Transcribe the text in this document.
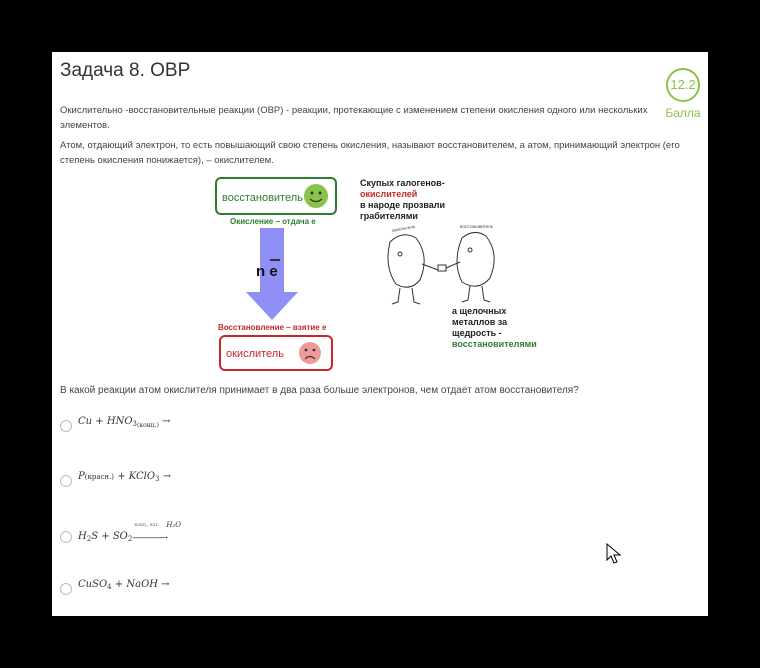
Задача 8. ОВР
12.2
Балла
Окислительно -восстановительные реакции (ОВР) - реакции, протекающие с изменением степени окисления одного или нескольких элементов.
Атом, отдающий электрон, то есть повышающий свою степень окисления, называют восстановителем, а атом, принимающий электрон (его степень окисления понижается), – окислителем.
восстановитель
Окисление – отдача е
n e
Восстановление – взятие е
окислитель
Скупых галогенов-
окислителей
в народе прозвали
грабителями
окислитель	восстановитель
а щелочных
металлов за
щедрость -
восстановителями
В какой реакции атом окислителя принимает в два раза больше электронов, чем отдает атом восстановителя?
$Cu + HNO_{3(конц.)}$ →
P(красн.) + KClO$_3$ →
$H_2S + SO_2$
конц., кат. H₂O
-----------------→
CuSO$_4$ + NaOH →
